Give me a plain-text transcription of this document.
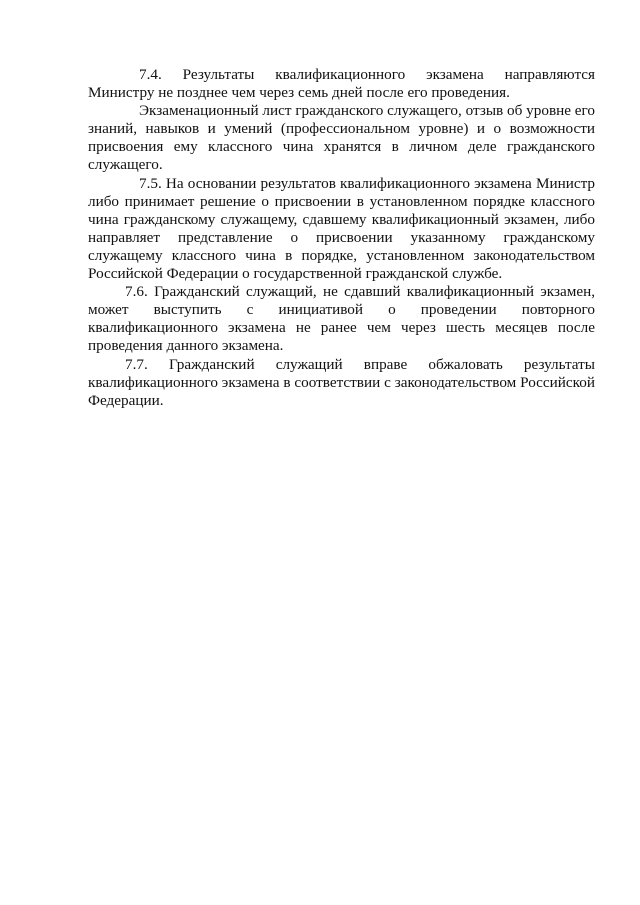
7.4. Результаты квалификационного экзамена направляются Министру не позднее чем через семь дней после его проведения.

Экзаменационный лист гражданского служащего, отзыв об уровне его знаний, навыков и умений (профессиональном уровне) и о возможности присвоения ему классного чина хранятся в личном деле гражданского служащего.

7.5. На основании результатов квалификационного экзамена Министр либо принимает решение о присвоении в установленном порядке классного чина гражданскому служащему, сдавшему квалификационный экзамен, либо направляет представление о присвоении указанному гражданскому служащему классного чина в порядке, установленном законодательством Российской Федерации о государственной гражданской службе.

7.6. Гражданский служащий, не сдавший квалификационный экзамен, может выступить с инициативой о проведении повторного квалификационного экзамена не ранее чем через шесть месяцев после проведения данного экзамена.

7.7. Гражданский служащий вправе обжаловать результаты квалификационного экзамена в соответствии с законодательством Российской Федерации.
